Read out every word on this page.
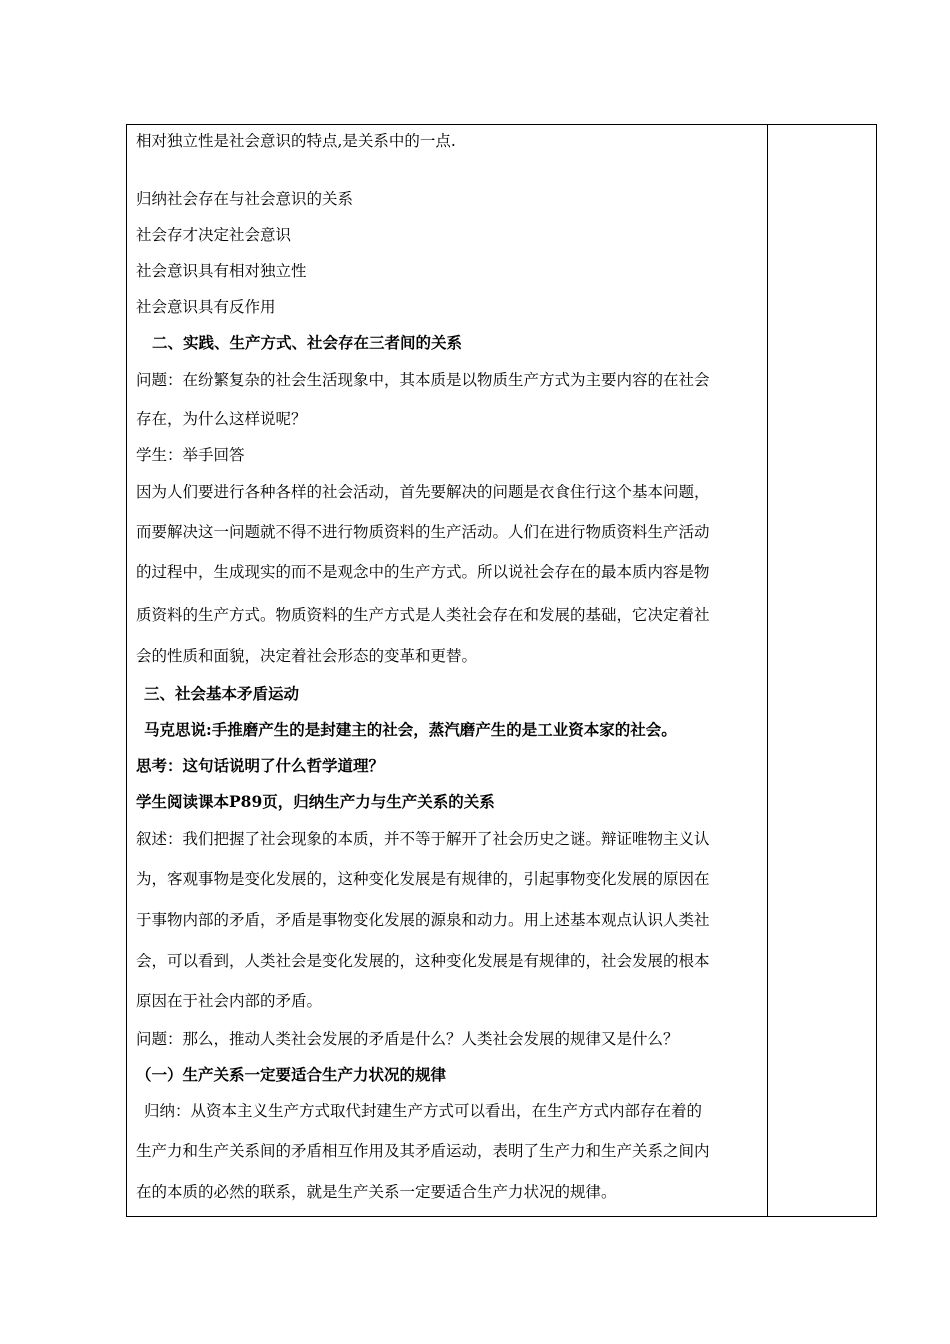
相对独立性是社会意识的特点,是关系中的一点.
归纳社会存在与社会意识的关系
社会存才决定社会意识
社会意识具有相对独立性
社会意识具有反作用
二、实践、生产方式、社会存在三者间的关系
问题：在纷繁复杂的社会生活现象中，其本质是以物质生产方式为主要内容的在社会
存在，为什么这样说呢？
学生：举手回答
因为人们要进行各种各样的社会活动，首先要解决的问题是衣食住行这个基本问题，
而要解决这一问题就不得不进行物质资料的生产活动。人们在进行物质资料生产活动
的过程中，生成现实的而不是观念中的生产方式。所以说社会存在的最本质内容是物
质资料的生产方式。物质资料的生产方式是人类社会存在和发展的基础，它决定着社
会的性质和面貌，决定着社会形态的变革和更替。
三、社会基本矛盾运动
马克思说:手推磨产生的是封建主的社会，蒸汽磨产生的是工业资本家的社会。
思考：这句话说明了什么哲学道理？
学生阅读课本P89页，归纳生产力与生产关系的关系
叙述：我们把握了社会现象的本质，并不等于解开了社会历史之谜。辩证唯物主义认
为，客观事物是变化发展的，这种变化发展是有规律的，引起事物变化发展的原因在
于事物内部的矛盾，矛盾是事物变化发展的源泉和动力。用上述基本观点认识人类社
会，可以看到，人类社会是变化发展的，这种变化发展是有规律的，社会发展的根本
原因在于社会内部的矛盾。
问题：那么，推动人类社会发展的矛盾是什么？人类社会发展的规律又是什么？
（一）生产关系一定要适合生产力状况的规律
归纳：从资本主义生产方式取代封建生产方式可以看出，在生产方式内部存在着的
生产力和生产关系间的矛盾相互作用及其矛盾运动，表明了生产力和生产关系之间内
在的本质的必然的联系，就是生产关系一定要适合生产力状况的规律。
